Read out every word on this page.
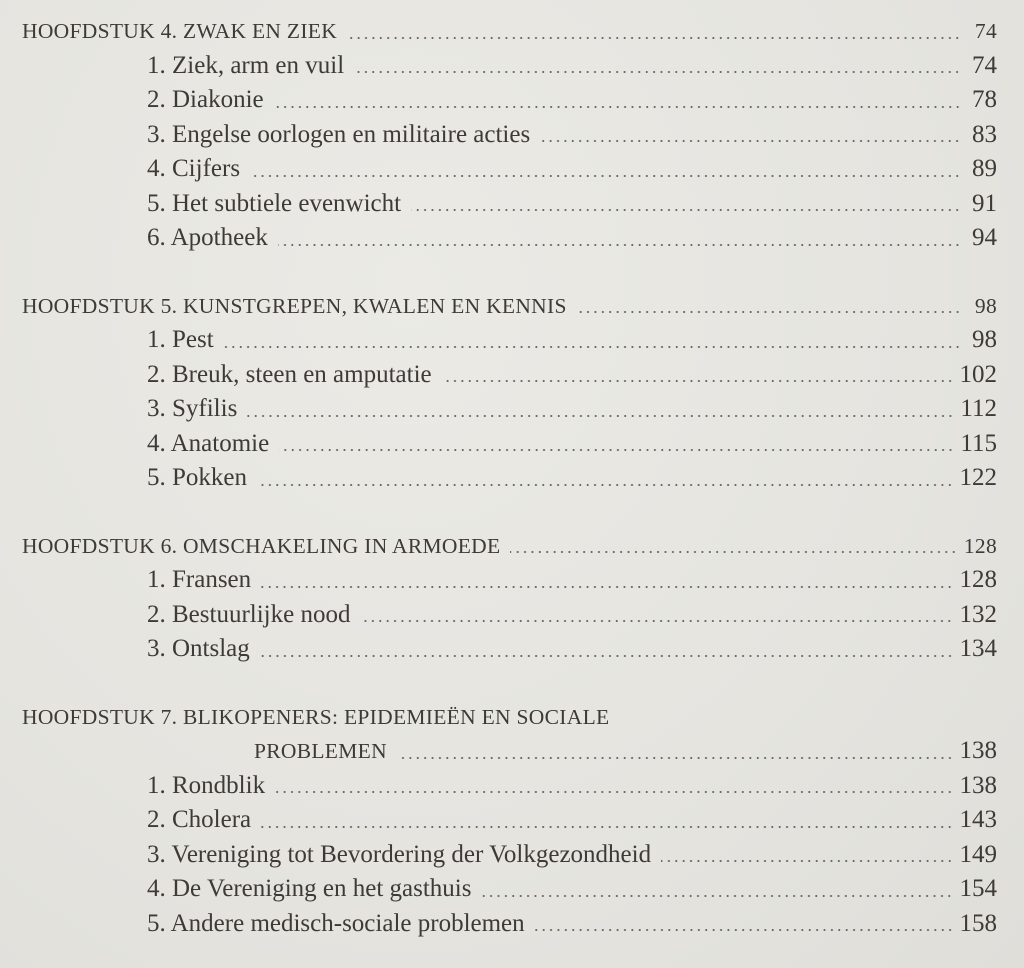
HOOFDSTUK 4. ZWAK EN ZIEK	74
1. Ziek, arm en vuil	74
2. Diakonie	78
3. Engelse oorlogen en militaire acties	83
4. Cijfers	89
5. Het subtiele evenwicht	91
6. Apotheek	94
HOOFDSTUK 5. KUNSTGREPEN, KWALEN EN KENNIS	98
1. Pest	98
2. Breuk, steen en amputatie	102
3. Syfilis	112
4. Anatomie	115
5. Pokken	122
HOOFDSTUK 6. OMSCHAKELING IN ARMOEDE	128
1. Fransen	128
2. Bestuurlijke nood	132
3. Ontslag	134
HOOFDSTUK 7. BLIKOPENERS: EPIDEMIEËN EN SOCIALE
PROBLEMEN	138
1. Rondblik	138
2. Cholera	143
3. Vereniging tot Bevordering der Volkgezondheid	149
4. De Vereniging en het gasthuis	154
5. Andere medisch-sociale problemen	158
